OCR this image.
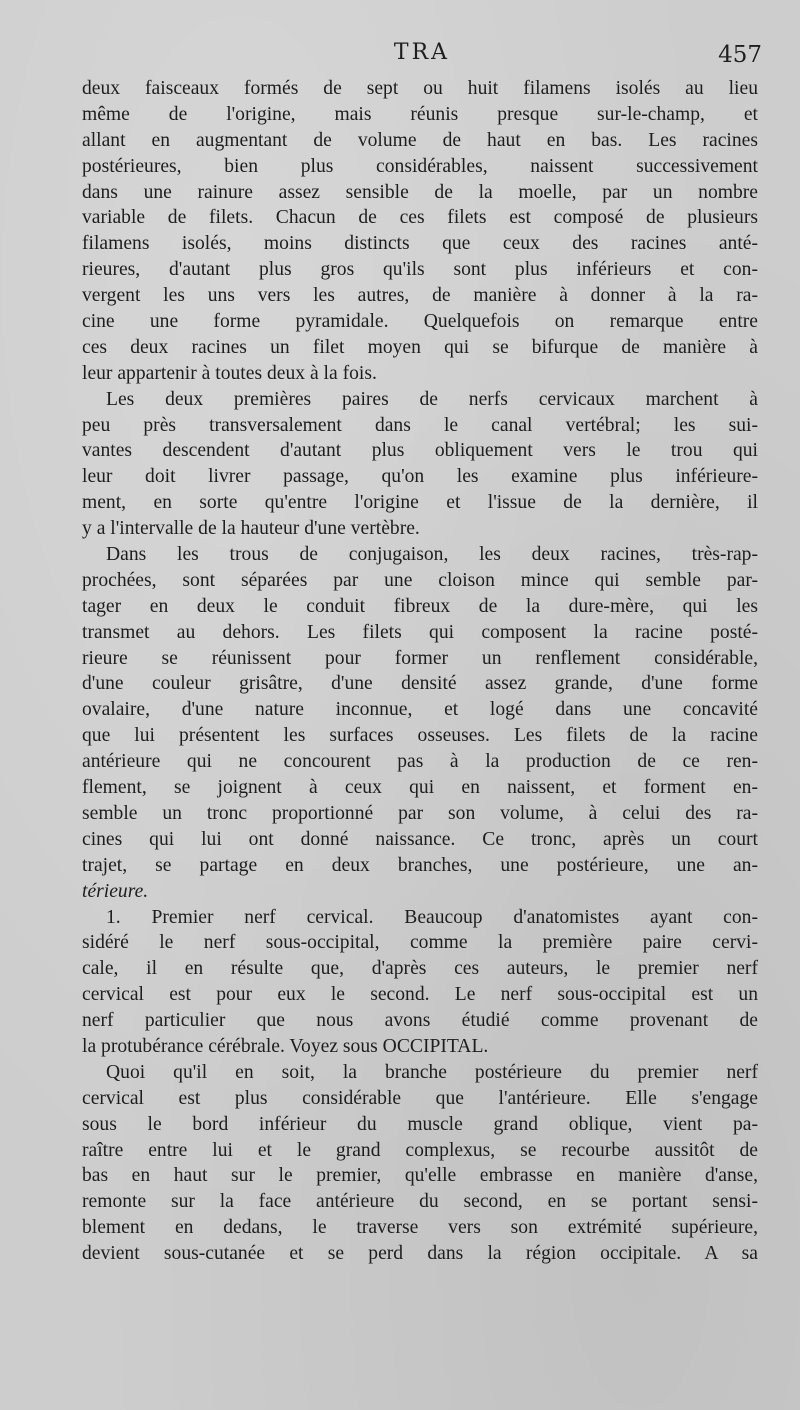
TRA	457
deux faisceaux formés de sept ou huit filamens isolés au lieu
même de l'origine, mais réunis presque sur-le-champ, et
allant en augmentant de volume de haut en bas. Les racines
postérieures, bien plus considérables, naissent successivement
dans une rainure assez sensible de la moelle, par un nombre
variable de filets. Chacun de ces filets est composé de plusieurs
filamens isolés, moins distincts que ceux des racines anté-
rieures, d'autant plus gros qu'ils sont plus inférieurs et con-
vergent les uns vers les autres, de manière à donner à la ra-
cine une forme pyramidale. Quelquefois on remarque entre
ces deux racines un filet moyen qui se bifurque de manière à
leur appartenir à toutes deux à la fois.
Les deux premières paires de nerfs cervicaux marchent à
peu près transversalement dans le canal vertébral; les sui-
vantes descendent d'autant plus obliquement vers le trou qui
leur doit livrer passage, qu'on les examine plus inférieure-
ment, en sorte qu'entre l'origine et l'issue de la dernière, il
y a l'intervalle de la hauteur d'une vertèbre.
Dans les trous de conjugaison, les deux racines, très-rap-
prochées, sont séparées par une cloison mince qui semble par-
tager en deux le conduit fibreux de la dure-mère, qui les
transmet au dehors. Les filets qui composent la racine posté-
rieure se réunissent pour former un renflement considérable,
d'une couleur grisâtre, d'une densité assez grande, d'une forme
ovalaire, d'une nature inconnue, et logé dans une concavité
que lui présentent les surfaces osseuses. Les filets de la racine
antérieure qui ne concourent pas à la production de ce ren-
flement, se joignent à ceux qui en naissent, et forment en-
semble un tronc proportionné par son volume, à celui des ra-
cines qui lui ont donné naissance. Ce tronc, après un court
trajet, se partage en deux branches, une postérieure, une an-
térieure.
1. Premier nerf cervical. Beaucoup d'anatomistes ayant con-
sidéré le nerf sous-occipital, comme la première paire cervi-
cale, il en résulte que, d'après ces auteurs, le premier nerf
cervical est pour eux le second. Le nerf sous-occipital est un
nerf particulier que nous avons étudié comme provenant de
la protubérance cérébrale. Voyez sous OCCIPITAL.
Quoi qu'il en soit, la branche postérieure du premier nerf
cervical est plus considérable que l'antérieure. Elle s'engage
sous le bord inférieur du muscle grand oblique, vient pa-
raître entre lui et le grand complexus, se recourbe aussitôt de
bas en haut sur le premier, qu'elle embrasse en manière d'anse,
remonte sur la face antérieure du second, en se portant sensi-
blement en dedans, le traverse vers son extrémité supérieure,
devient sous-cutanée et se perd dans la région occipitale. A sa
